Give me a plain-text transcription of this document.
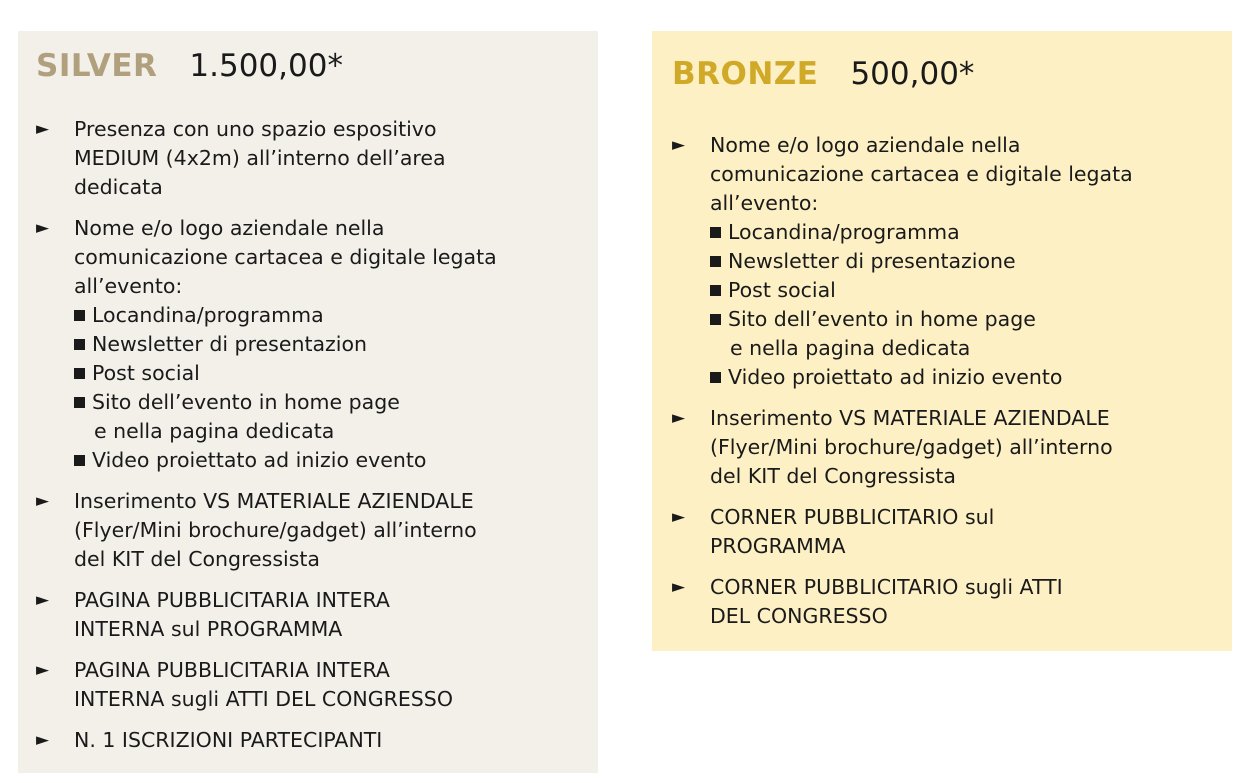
SILVER 1.500,00*
►	Presenza con uno spazio espositivo
MEDIUM (4x2m) all’interno dell’area
dedicata
►	Nome e/o logo aziendale nella
comunicazione cartacea e digitale legata
all’evento:
Locandina/programma
Newsletter di presentazion
Post social
Sito dell’evento in home page
e nella pagina dedicata
Video proiettato ad inizio evento
►	Inserimento VS MATERIALE AZIENDALE
(Flyer/Mini brochure/gadget) all’interno
del KIT del Congressista
►	PAGINA PUBBLICITARIA INTERA
INTERNA sul PROGRAMMA
►	PAGINA PUBBLICITARIA INTERA
INTERNA sugli ATTI DEL CONGRESSO
►	N. 1 ISCRIZIONI PARTECIPANTI
BRONZE 500,00*
►	Nome e/o logo aziendale nella
comunicazione cartacea e digitale legata
all’evento:
Locandina/programma
Newsletter di presentazione
Post social
Sito dell’evento in home page
e nella pagina dedicata
Video proiettato ad inizio evento
►	Inserimento VS MATERIALE AZIENDALE
(Flyer/Mini brochure/gadget) all’interno
del KIT del Congressista
►	CORNER PUBBLICITARIO sul
PROGRAMMA
►	CORNER PUBBLICITARIO sugli ATTI
DEL CONGRESSO
